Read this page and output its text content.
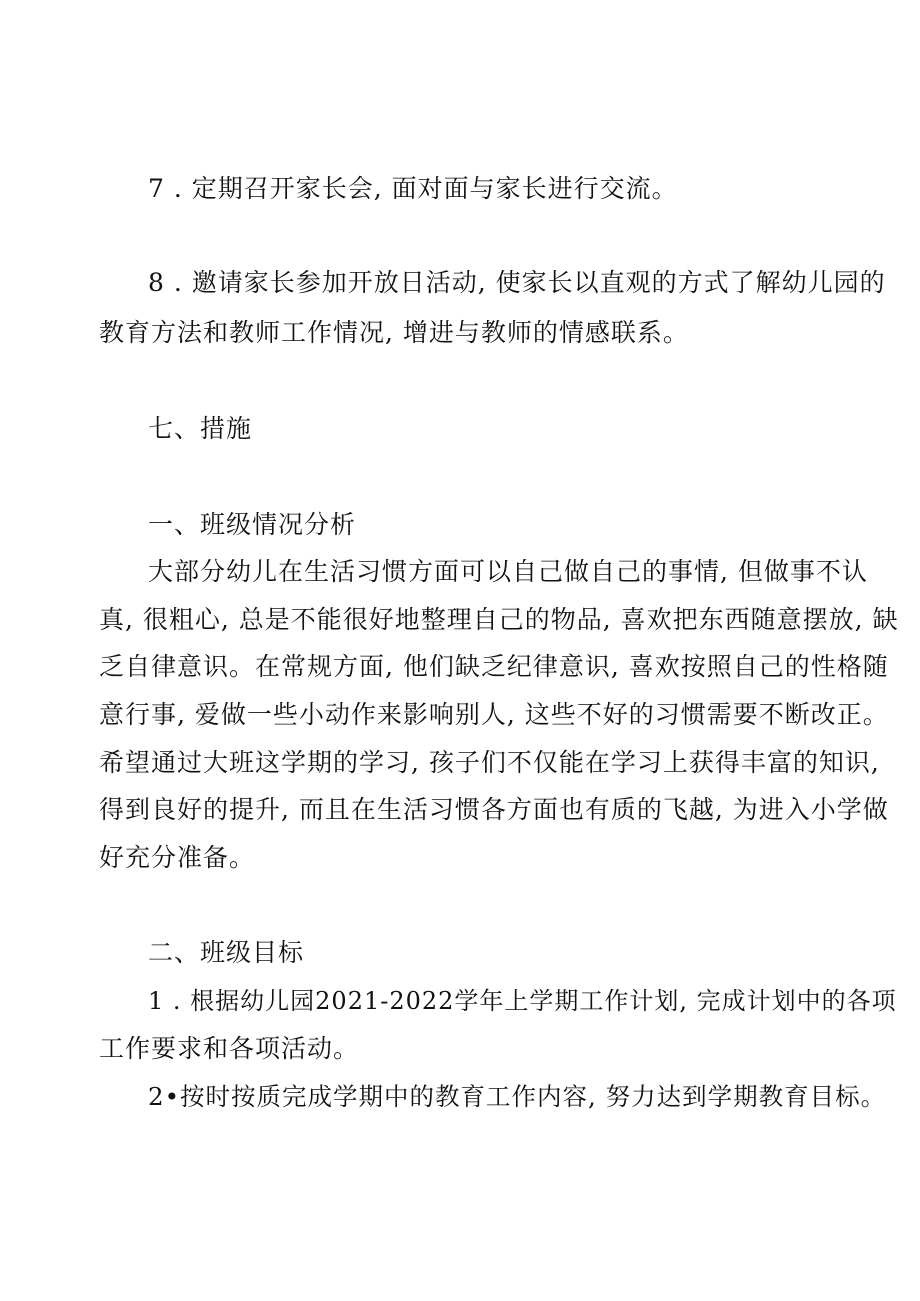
7 . 定期召开家长会, 面对面与家长进行交流。
8 . 邀请家长参加开放日活动, 使家长以直观的方式了解幼儿园的
教育方法和教师工作情况, 增进与教师的情感联系。
七、措施
一、班级情况分析
大部分幼儿在生活习惯方面可以自己做自己的事情, 但做事不认
真, 很粗心, 总是不能很好地整理自己的物品, 喜欢把东西随意摆放, 缺
乏自律意识。在常规方面, 他们缺乏纪律意识, 喜欢按照自己的性格随
意行事, 爱做一些小动作来影响别人, 这些不好的习惯需要不断改正。
希望通过大班这学期的学习, 孩子们不仅能在学习上获得丰富的知识,
得到良好的提升, 而且在生活习惯各方面也有质的飞越, 为进入小学做
好充分准备。
二、班级目标
1 . 根据幼儿园2021-2022学年上学期工作计划, 完成计划中的各项
工作要求和各项活动。
2•按时按质完成学期中的教育工作内容, 努力达到学期教育目标。
